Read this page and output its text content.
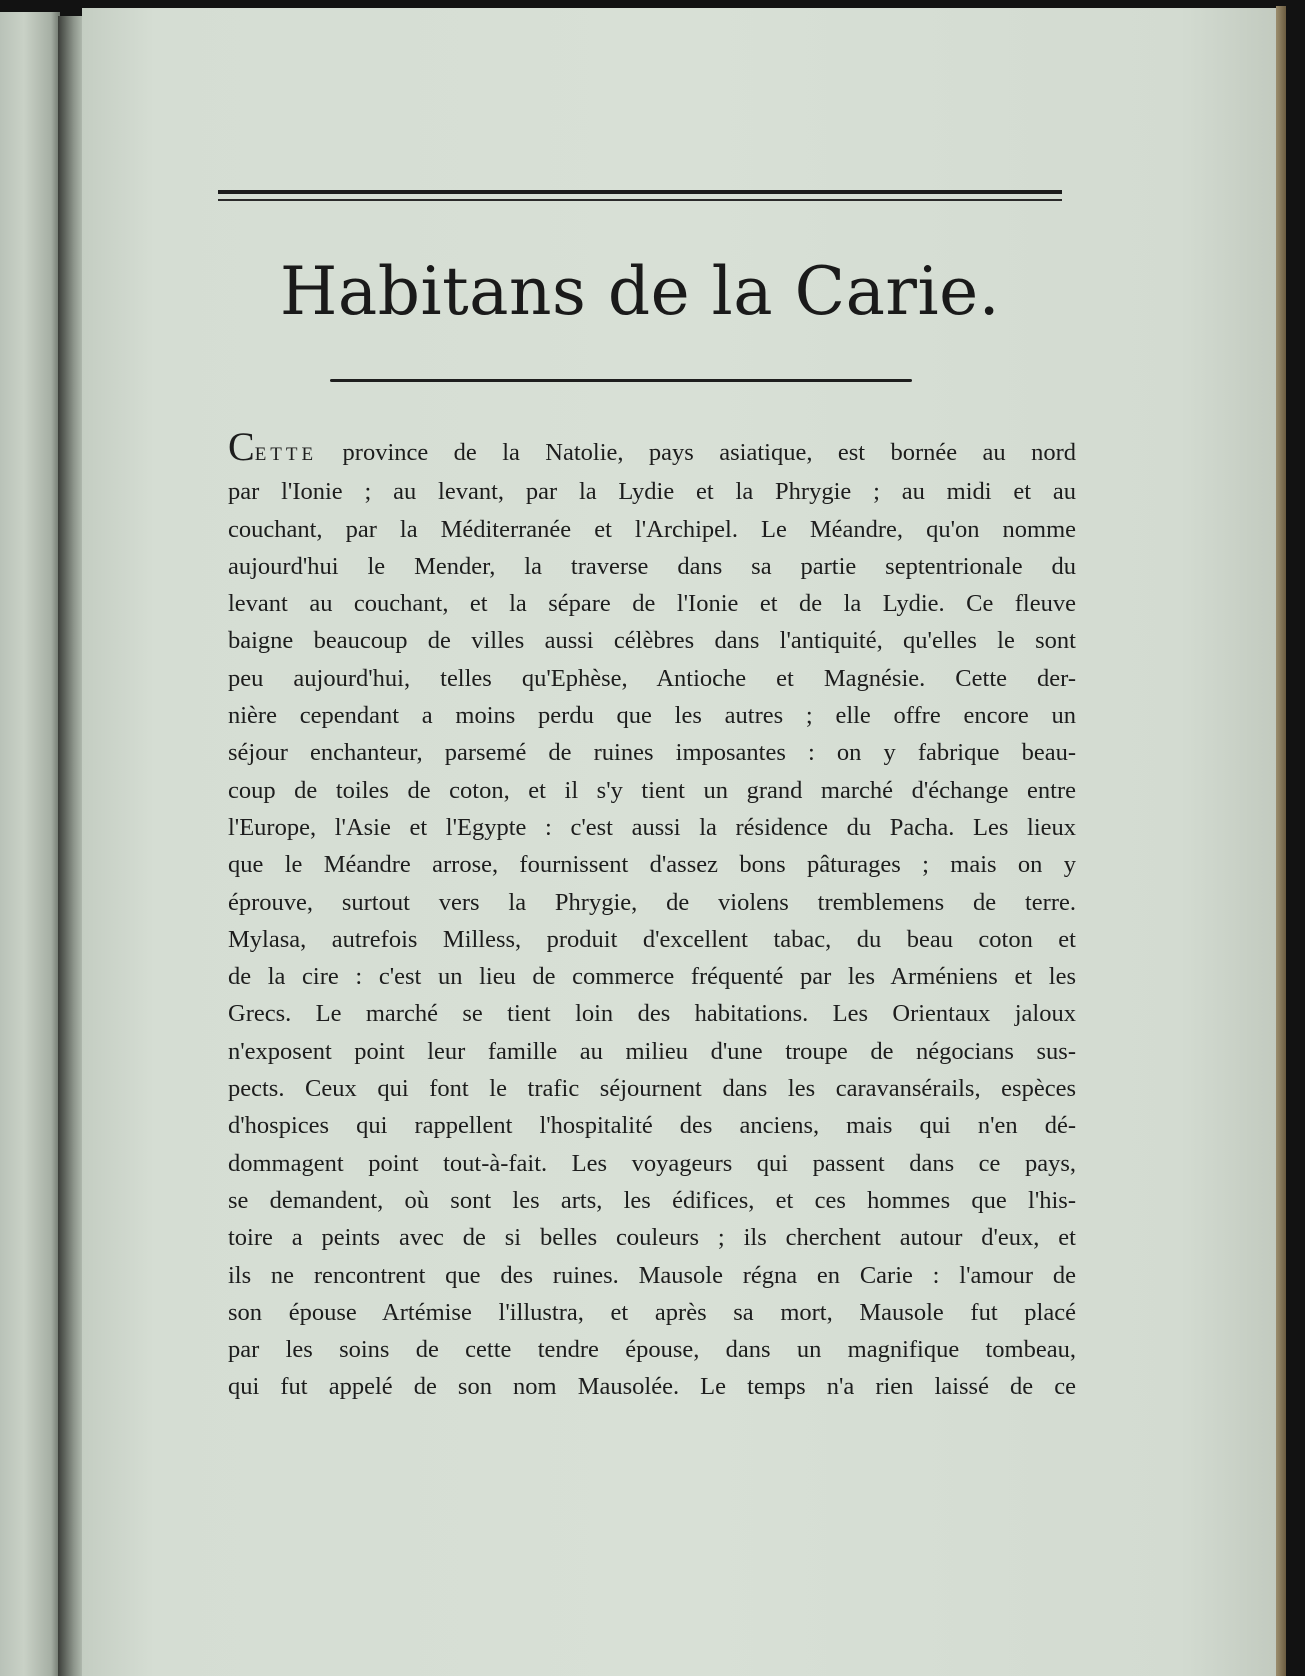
Habitans de la Carie.
CETTE province de la Natolie, pays asiatique, est bornée au nord
par l'Ionie ; au levant, par la Lydie et la Phrygie ; au midi et au
couchant, par la Méditerranée et l'Archipel. Le Méandre, qu'on nomme
aujourd'hui le Mender, la traverse dans sa partie septentrionale du
levant au couchant, et la sépare de l'Ionie et de la Lydie. Ce fleuve
baigne beaucoup de villes aussi célèbres dans l'antiquité, qu'elles le sont
peu aujourd'hui, telles qu'Ephèse, Antioche et Magnésie. Cette der-
nière cependant a moins perdu que les autres ; elle offre encore un
séjour enchanteur, parsemé de ruines imposantes : on y fabrique beau-
coup de toiles de coton, et il s'y tient un grand marché d'échange entre
l'Europe, l'Asie et l'Egypte : c'est aussi la résidence du Pacha. Les lieux
que le Méandre arrose, fournissent d'assez bons pâturages ; mais on y
éprouve, surtout vers la Phrygie, de violens tremblemens de terre.
Mylasa, autrefois Milless, produit d'excellent tabac, du beau coton et
de la cire : c'est un lieu de commerce fréquenté par les Arméniens et les
Grecs. Le marché se tient loin des habitations. Les Orientaux jaloux
n'exposent point leur famille au milieu d'une troupe de négocians sus-
pects. Ceux qui font le trafic séjournent dans les caravansérails, espèces
d'hospices qui rappellent l'hospitalité des anciens, mais qui n'en dé-
dommagent point tout-à-fait. Les voyageurs qui passent dans ce pays,
se demandent, où sont les arts, les édifices, et ces hommes que l'his-
toire a peints avec de si belles couleurs ; ils cherchent autour d'eux, et
ils ne rencontrent que des ruines. Mausole régna en Carie : l'amour de
son épouse Artémise l'illustra, et après sa mort, Mausole fut placé
par les soins de cette tendre épouse, dans un magnifique tombeau,
qui fut appelé de son nom Mausolée. Le temps n'a rien laissé de ce
